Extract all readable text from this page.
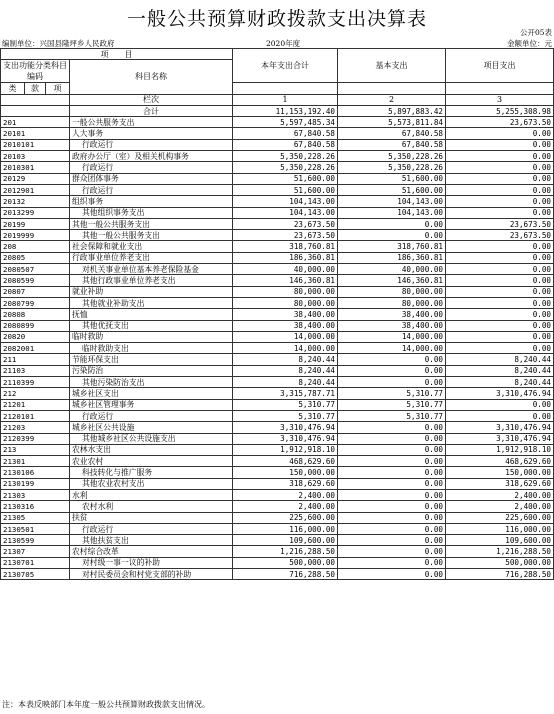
一般公共预算财政拨款支出决算表
公开05表
编制单位：兴国县隆坪乡人民政府	2020年度	金额单位：元
项　　目				本年支出合计	基本支出	项目支出
支出功能分类科目编码			科目名称			

类	款	项				

			栏次	1	2	3
			合计	11,153,192.40	5,897,883.42	5,255,308.98
201			一般公共服务支出	5,597,485.34	5,573,811.84	23,673.50
20101			人大事务	67,840.58	67,840.58	0.00
2010101			行政运行	67,840.58	67,840.58	0.00
20103			政府办公厅（室）及相关机构事务	5,350,228.26	5,350,228.26	0.00
2010301			行政运行	5,350,228.26	5,350,228.26	0.00
20129			群众团体事务	51,600.00	51,600.00	0.00
2012901			行政运行	51,600.00	51,600.00	0.00
20132			组织事务	104,143.00	104,143.00	0.00
2013299			其他组织事务支出	104,143.00	104,143.00	0.00
20199			其他一般公共服务支出	23,673.50	0.00	23,673.50
2019999			其他一般公共服务支出	23,673.50	0.00	23,673.50
208			社会保障和就业支出	318,760.81	318,760.81	0.00
20805			行政事业单位养老支出	186,360.81	186,360.81	0.00
2080507			对机关事业单位基本养老保险基金	40,000.00	40,000.00	0.00
2080599			其他行政事业单位养老支出	146,360.81	146,360.81	0.00
20807			就业补助	80,000.00	80,000.00	0.00
2080799			其他就业补助支出	80,000.00	80,000.00	0.00
20808			抚恤	38,400.00	38,400.00	0.00
2080899			其他优抚支出	38,400.00	38,400.00	0.00
20820			临时救助	14,000.00	14,000.00	0.00
2082001			临时救助支出	14,000.00	14,000.00	0.00
211			节能环保支出	8,240.44	0.00	8,240.44
21103			污染防治	8,240.44	0.00	8,240.44
2110399			其他污染防治支出	8,240.44	0.00	8,240.44
212			城乡社区支出	3,315,787.71	5,310.77	3,310,476.94
21201			城乡社区管理事务	5,310.77	5,310.77	0.00
2120101			行政运行	5,310.77	5,310.77	0.00
21203			城乡社区公共设施	3,310,476.94	0.00	3,310,476.94
2120399			其他城乡社区公共设施支出	3,310,476.94	0.00	3,310,476.94
213			农林水支出	1,912,918.10	0.00	1,912,918.10
21301			农业农村	468,629.60	0.00	468,629.60
2130106			科技转化与推广服务	150,000.00	0.00	150,000.00
2130199			其他农业农村支出	318,629.60	0.00	318,629.60
21303			水利	2,400.00	0.00	2,400.00
2130316			农村水利	2,400.00	0.00	2,400.00
21305			扶贫	225,600.00	0.00	225,600.00
2130501			行政运行	116,000.00	0.00	116,000.00
2130599			其他扶贫支出	109,600.00	0.00	109,600.00
21307			农村综合改革	1,216,288.50	0.00	1,216,288.50
2130701			对村级一事一议的补助	500,000.00	0.00	500,000.00
2130705			对村民委员会和村党支部的补助	716,288.50	0.00	716,288.50
注：本表反映部门本年度一般公共预算财政拨款支出情况。
